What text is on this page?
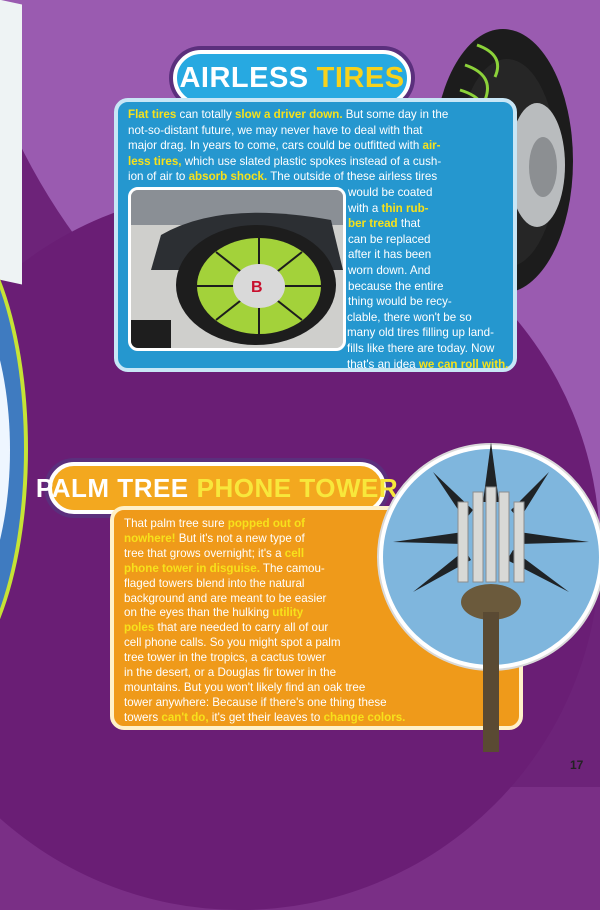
AIRLESS TIRES
Flat tires can totally slow a driver down. But some day in the
not-so-distant future, we may never have to deal with that
major drag. In years to come, cars could be outfitted with air-
less tires, which use slated plastic spokes instead of a cush-
ion of air to absorb shock. The outside of these airless tires
would be coated
with a thin rub-
ber tread that
can be replaced
after it has been
worn down. And
because the entire
thing would be recy-
clable, there won't be so
many old tires filling up land-
fills like there are today. Now
that's an idea we can roll with.
B
PALM TREE PHONE TOWER
That palm tree sure popped out of
nowhere! But it's not a new type of
tree that grows overnight; it's a cell
phone tower in disguise. The camou-
flaged towers blend into the natural
background and are meant to be easier
on the eyes than the hulking utility
poles that are needed to carry all of our
cell phone calls. So you might spot a palm
tree tower in the tropics, a cactus tower
in the desert, or a Douglas fir tower in the
mountains. But you won't likely find an oak tree
tower anywhere: Because if there's one thing these
towers can't do, it's get their leaves to change colors.
17
